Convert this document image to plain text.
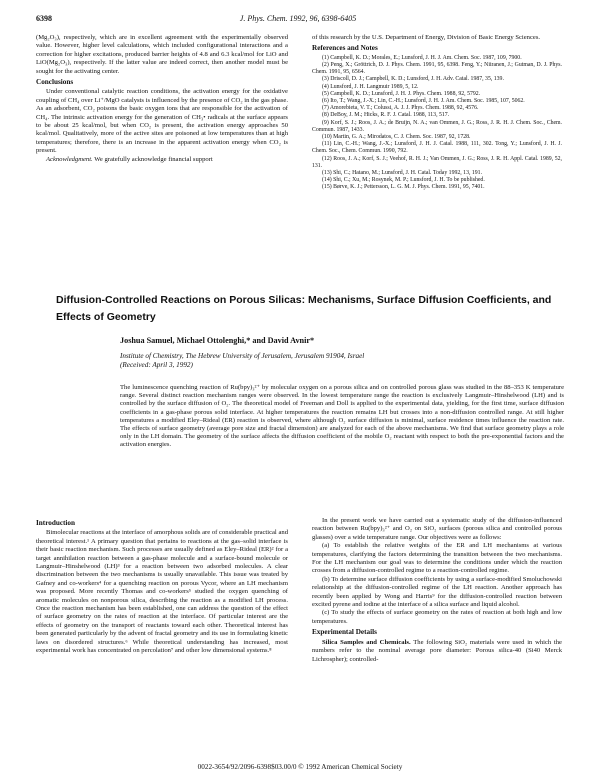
6398	J. Phys. Chem. 1992, 96, 6398-6405

(Mg₂O₃), respectively, which are in excellent agreement with the experimentally observed value. However, higher level calculations, which included configurational interactions and a correction for higher excitations, produced barrier heights of 4.8 and 6.3 kcal/mol for LiO and LiO(Mg₂O₃), respectively. If the latter value are indeed correct, then another model must be sought for the activating center.

Conclusions

Under conventional catalytic reaction conditions, the activation energy for the oxidative coupling of CH₄ over Li⁺/MgO catalysts is influenced by the presence of CO₂ in the gas phase. As an adsorbent, CO₂ poisons the basic oxygen ions that are responsible for the activation of CH₄. The intrinsic activation energy for the generation of CH₃• radicals at the surface appears to be about 25 kcal/mol, but when CO₂ is present, the activation energy approaches 50 kcal/mol. Qualitatively, more of the active sites are poisoned at low temperatures than at high temperatures; therefore, there is an increase in the apparent activation energy when CO₂ is present.

Acknowledgment. We gratefully acknowledge financial support

of this research by the U.S. Department of Energy, Division of Basic Energy Sciences.

References and Notes

(1) Campbell, K. D.; Morales, E.; Lunsford, J. H. J. Am. Chem. Soc. 1987, 109, 7900.

(2) Peng, X.; Gröttrich, D. J. Phys. Chem. 1991, 95, 6398. Feng, Y.; Niiranen, J.; Gutman, D. J. Phys. Chem. 1991, 95, 6564.

(3) Driscoll, D. J.; Campbell, K. D.; Lunsford, J. H. Adv. Catal. 1987, 35, 139.

(4) Lunsford, J. H. Langmuir 1989, 5, 12.

(5) Campbell, K. D.; Lunsford, J. H. J. Phys. Chem. 1988, 92, 5792.

(6) Ito, T.; Wang, J.-X.; Lin, C.-H.; Lunsford, J. H. J. Am. Chem. Soc. 1985, 107, 5062.

(7) Amorebieta, V. T.; Colussi, A. J. J. Phys. Chem. 1988, 92, 4576.

(8) DeBoy, J. M.; Hicks, R. F. J. Catal. 1988, 113, 517.

(9) Korf, S. J.; Roos, J. A.; de Bruijn, N. A.; van Ommen, J. G.; Ross, J. R. H. J. Chem. Soc., Chem. Commun. 1987, 1433.

(10) Martin, G. A.; Mirodatos, C. J. Chem. Soc. 1987, 92, 1728.

(11) Lin, C.-H.; Wang, J.-X.; Lunsford, J. H. J. Catal. 1988, 111, 302. Tong, Y.; Lunsford, J. H. J. Chem. Soc., Chem. Commun. 1990, 792.

(12) Roos, J. A.; Korf, S. J.; Veehof, R. H. J.; Van Ommen, J. G.; Ross, J. R. H. Appl. Catal. 1989, 52, 131.

(13) Shi, C.; Hatano, M.; Lunsford, J. H. Catal. Today 1992, 13, 191.

(14) Shi, C.; Xu, M.; Rosynek, M. P.; Lunsford, J. H. To be published.

(15) Børve, K. J.; Pettersson, L. G. M. J. Phys. Chem. 1991, 95, 7401.

Diffusion-Controlled Reactions on Porous Silicas: Mechanisms, Surface Diffusion Coefficients, and Effects of Geometry
Joshua Samuel, Michael Ottolenghi,* and David Avnir*
Institute of Chemistry, The Hebrew University of Jerusalem, Jerusalem 91904, Israel
(Received: April 3, 1992)
The luminescence quenching reaction of Ru(bpy)₃²⁺ by molecular oxygen on a porous silica and on controlled porous glass was studied in the 88–353 K temperature range. Several distinct reaction mechanism ranges were observed. In the lowest temperature range the reaction is exclusively Langmuir–Hinshelwood (LH) and is controlled by the surface diffusion of O₂. The theoretical model of Freeman and Doll is applied to the experimental data, yielding, for the first time, surface diffusion coefficients in a gas-phase porous solid interface. At higher temperatures the reaction remains LH but crosses into a non-diffusion controlled range. At still higher temperatures a modified Eley–Rideal (ER) reaction is observed, where although O₂ surface diffusion is minimal, surface residence times influence the reaction rate. The effects of surface geometry (average pore size and fractal dimension) are analyzed for each of the above mechanisms. We find that surface geometry plays a role only in the LH domain. The geometry of the surface affects the diffusion coefficient of the mobile O₂ reactant with respect to both the pre-exponential factors and the activation energies.
Introduction

Bimolecular reactions at the interface of amorphous solids are of considerable practical and theoretical interest.¹ A primary question that pertains to reactions at the gas–solid interface is their basic reaction mechanism. Such processes are usually defined as Eley–Rideal (ER)² for a target annihilation reaction between a gas-phase molecule and a surface-bound molecule or Langmuir–Hinshelwood (LH)³ for a reaction between two adsorbed molecules. A clear discrimination between the two mechanisms is usually unavailable. This issue was treated by Gafney and co-workers⁴ for a quenching reaction on porous Vycor, where an LH mechanism was proposed. More recently Thomas and co-workers⁵ studied the oxygen quenching of aromatic molecules on nonporous silica, describing the reaction as a modified LH process. Once the reaction mechanism has been established, one can address the question of the effect of surface geometry on the rates of reaction at the interface. Of particular interest are the effects of geometry on the transport of reactants toward each other. Theoretical interest has been generated particularly by the advent of fractal geometry and its use in formulating kinetic laws on disordered structures.⁶ While theoretical understanding has increased, most experimental work has concentrated on percolation⁷ and other low dimensional systems.⁸

In the present work we have carried out a systematic study of the diffusion-influenced reaction between Ru(bpy)₃²⁺ and O₂ on SiO₂ surfaces (porous silica and controlled porous glasses) over a wide temperature range. Our objectives were as follows:

(a) To establish the relative weights of the ER and LH mechanisms at various temperatures, clarifying the factors determining the transition between the two mechanisms. For the LH mechanism our goal was to determine the conditions under which the reaction crosses from a diffusion-controlled regime to a reaction-controlled regime.

(b) To determine surface diffusion coefficients by using a surface-modified Smoluchowski relationship at the diffusion-controlled regime of the LH reaction. Another approach has recently been applied by Wong and Harris⁹ for the diffusion-controlled reaction between excited pyrene and iodine at the interface of a silica surface and liquid alcohol.

(c) To study the effects of surface geometry on the rates of reaction at both high and low temperatures.

Experimental Details

Silica Samples and Chemicals. The following SiO₂ materials were used in which the numbers refer to the nominal average pore diameter: Porous silica-40 (Si40 Merck Lichrospher); controlled-

0022-3654/92/2096-6398$03.00/0 © 1992 American Chemical Society
